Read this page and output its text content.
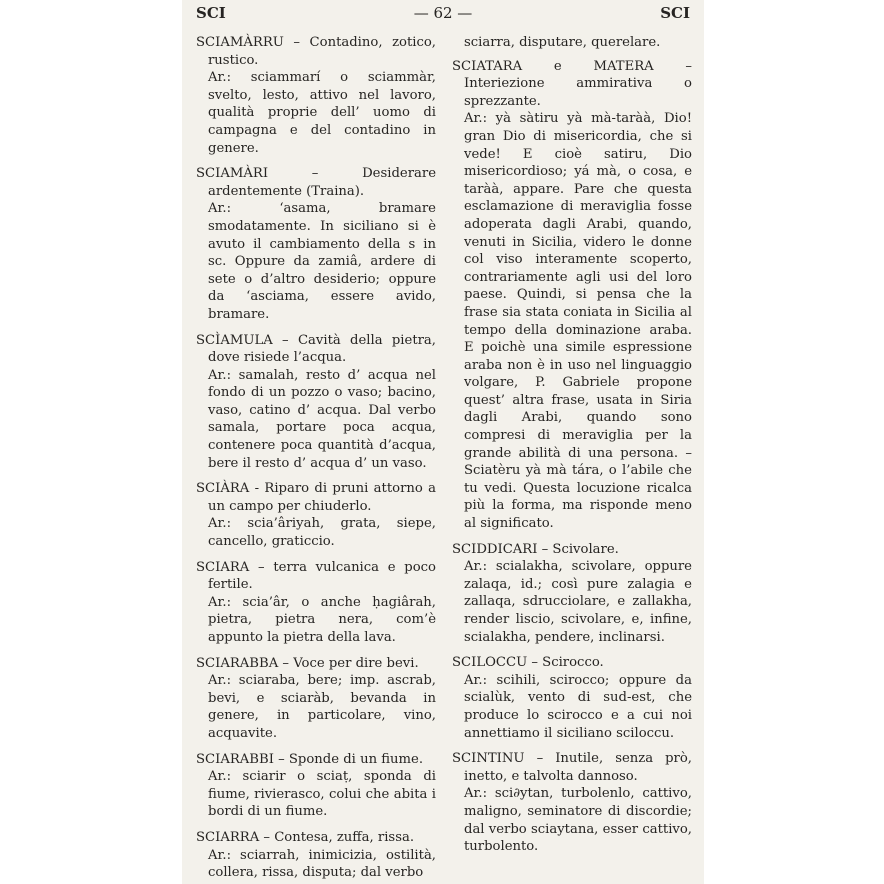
SCI	— 62 —	SCI

SCIAMÀRRU – Contadino, zotico, rustico.

Ar.: sciammarí o sciammàr, svelto, lesto, attivo nel lavoro, qualità proprie dell’ uomo di campagna e del contadino in genere.

SCIAMÀRI – Desiderare ardentemente (Traina).

Ar.: ‘asama, bramare smodatamente. In siciliano si è avuto il cambiamento della s in sc. Oppure da zamiâ, ardere di sete o d’altro desiderio; oppure da ‘asciama, essere avido, bramare.

SCÌAMULA – Cavità della pietra, dove risiede l’acqua.

Ar.: samalah, resto d’ acqua nel fondo di un pozzo o vaso; bacino, vaso, catino d’ acqua. Dal verbo samala, portare poca acqua, contenere poca quantità d’acqua, bere il resto d’ acqua d’ un vaso.

SCIÀRA - Riparo di pruni attorno a un campo per chiuderlo.

Ar.: scia’âriyah, grata, siepe, cancello, graticcio.

SCIARA – terra vulcanica e poco fertile.

Ar.: scia’âr, o anche ḥagiârah, pietra, pietra nera, com’è appunto la pietra della lava.

SCIARABBA – Voce per dire bevi.

Ar.: sciaraba, bere; imp. ascrab, bevi, e sciaràb, bevanda in genere, in particolare, vino, acquavite.

SCIARABBI – Sponde di un fiume.

Ar.: sciarir o sciaṭ, sponda di fiume, rivierasco, colui che abita i bordi di un fiume.

SCIARRA – Contesa, zuffa, rissa.

Ar.: sciarrah, inimicizia, ostilità, collera, rissa, disputa; dal verbo

sciarra, disputare, querelare.

SCIATARA e MATERA – Interiezione ammirativa o sprezzante.

Ar.: yà sàtiru yà mà-taràà, Dio! gran Dio di misericordia, che si vede! E cioè satiru, Dio misericordioso; yá mà, o cosa, e taràà, appare. Pare che questa esclamazione di meraviglia fosse adoperata dagli Arabi, quando, venuti in Sicilia, videro le donne col viso interamente scoperto, contrariamente agli usi del loro paese. Quindi, si pensa che la frase sia stata coniata in Sicilia al tempo della dominazione araba. E poichè una simile espressione araba non è in uso nel linguaggio volgare, P. Gabriele propone quest’ altra frase, usata in Siria dagli Arabi, quando sono compresi di meraviglia per la grande abilità di una persona. – Sciatèru yà mà tára, o l’abile che tu vedi. Questa locuzione ricalca più la forma, ma risponde meno al significato.

SCIDDICARI – Scivolare.

Ar.: scialakha, scivolare, oppure zalaqa, id.; così pure zalagia e zallaqa, sdrucciolare, e zallakha, render liscio, scivolare, e, infine, scialakha, pendere, inclinarsi.

SCILOCCU – Scirocco.

Ar.: scihili, scirocco; oppure da scialùk, vento di sud-est, che produce lo scirocco e a cui noi annettiamo il siciliano sciloccu.

SCINTINU – Inutile, senza prò, inetto, e talvolta dannoso.

Ar.: sci∂ytan, turbolenlo, cattivo, maligno, seminatore di discordie; dal verbo sciaytana, esser cattivo, turbolento.
